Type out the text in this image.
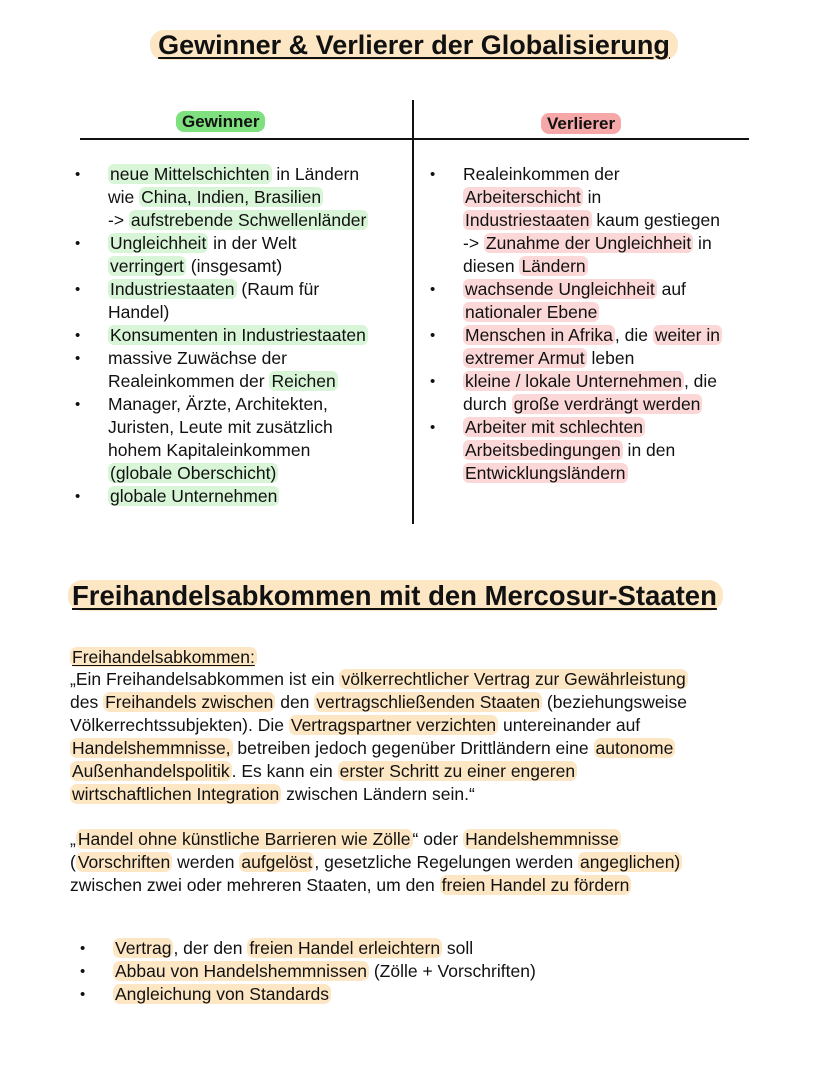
Gewinner & Verlierer der Globalisierung
Gewinner	Verlierer
• neue Mittelschichten in Ländern
wie China, Indien, Brasilien
-> aufstrebende Schwellenländer
• Ungleichheit in der Welt
verringert (insgesamt)
• Industriestaaten (Raum für
Handel)
• Konsumenten in Industriestaaten
• massive Zuwächse der
Realeinkommen der Reichen
• Manager, Ärzte, Architekten,
Juristen, Leute mit zusätzlich
hohem Kapitaleinkommen
(globale Oberschicht)
• globale Unternehmen
• Realeinkommen der
Arbeiterschicht in
Industriestaaten kaum gestiegen
-> Zunahme der Ungleichheit in
diesen Ländern
• wachsende Ungleichheit auf
nationaler Ebene
• Menschen in Afrika , die weiter in
extremer Armut leben
• kleine / lokale Unternehmen , die
durch große verdrängt werden
• Arbeiter mit schlechten
Arbeitsbedingungen in den
Entwicklungsländern
Freihandelsabkommen mit den Mercosur-Staaten
Freihandelsabkommen:
„Ein Freihandelsabkommen ist ein völkerrechtlicher Vertrag zur Gewährleistung
des Freihandels zwischen den vertragschließenden Staaten (beziehungsweise
Völkerrechtssubjekten). Die Vertragspartner verzichten untereinander auf
Handelshemmnisse, betreiben jedoch gegenüber Drittländern eine autonome
Außenhandelspolitik . Es kann ein erster Schritt zu einer engeren
wirtschaftlichen Integration zwischen Ländern sein.“
„ Handel ohne künstliche Barrieren wie Zölle “ oder Handelshemmnisse
( Vorschriften werden aufgelöst , gesetzliche Regelungen werden angeglichen)
zwischen zwei oder mehreren Staaten, um den freien Handel zu fördern
• Vertrag , der den freien Handel erleichtern soll
• Abbau von Handelshemmnissen (Zölle + Vorschriften)
• Angleichung von Standards
